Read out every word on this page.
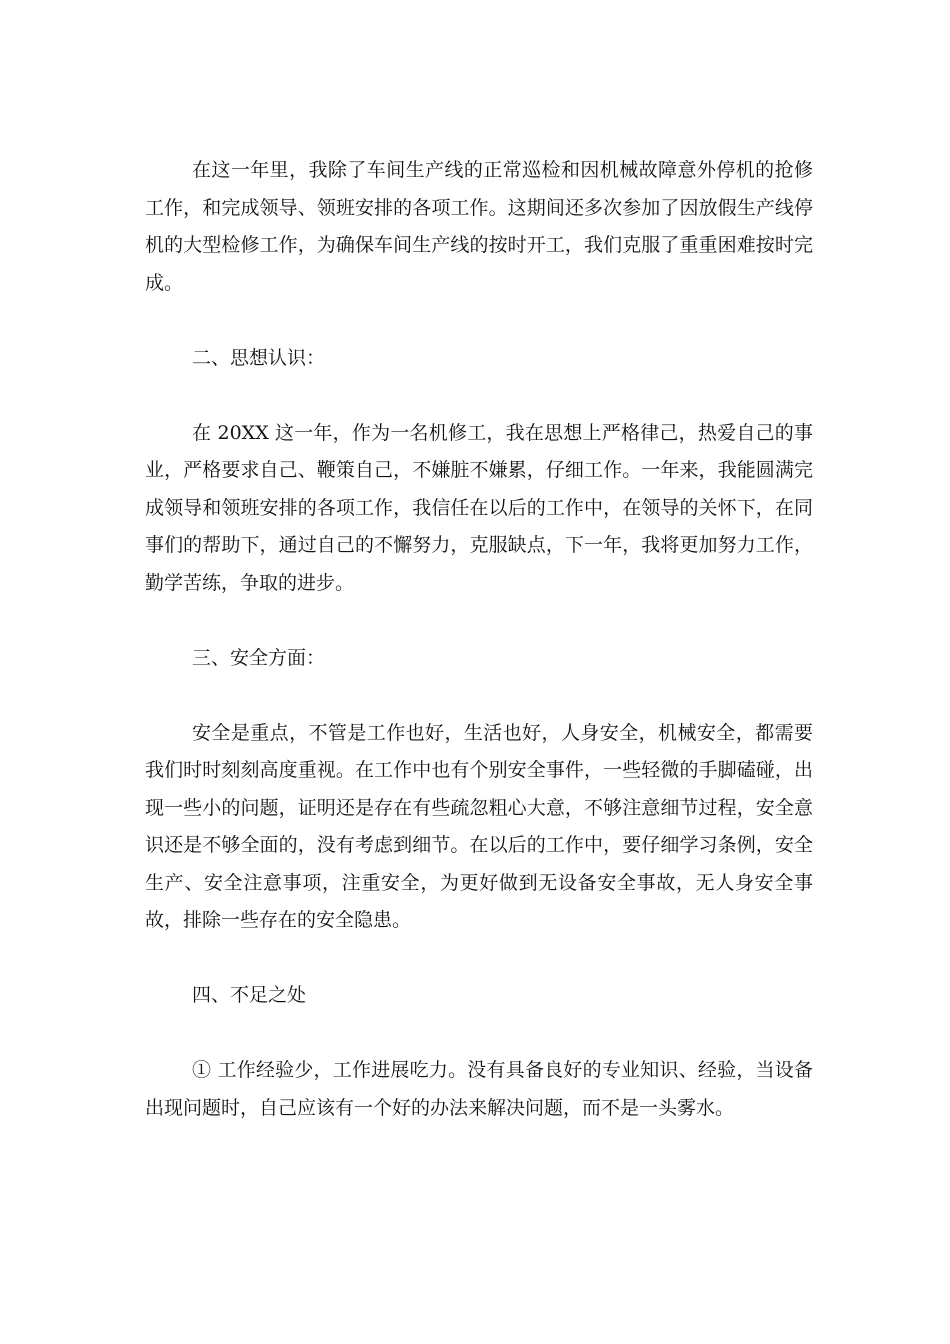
在这一年里，我除了车间生产线的正常巡检和因机械故障意外停机的抢修工作，和完成领导、领班安排的各项工作。这期间还多次参加了因放假生产线停机的大型检修工作，为确保车间生产线的按时开工，我们克服了重重困难按时完成。

二、思想认识：

在 20XX 这一年，作为一名机修工，我在思想上严格律己，热爱自己的事业，严格要求自己、鞭策自己，不嫌脏不嫌累，仔细工作。一年来，我能圆满完成领导和领班安排的各项工作，我信任在以后的工作中，在领导的关怀下，在同事们的帮助下，通过自己的不懈努力，克服缺点，下一年，我将更加努力工作，勤学苦练，争取的进步。

三、安全方面：

安全是重点，不管是工作也好，生活也好，人身安全，机械安全，都需要我们时时刻刻高度重视。在工作中也有个别安全事件，一些轻微的手脚磕碰，出现一些小的问题，证明还是存在有些疏忽粗心大意，不够注意细节过程，安全意识还是不够全面的，没有考虑到细节。在以后的工作中，要仔细学习条例，安全生产、安全注意事项，注重安全，为更好做到无设备安全事故，无人身安全事故，排除一些存在的安全隐患。

四、不足之处

① 工作经验少，工作进展吃力。没有具备良好的专业知识、经验，当设备出现问题时，自己应该有一个好的办法来解决问题，而不是一头雾水。
